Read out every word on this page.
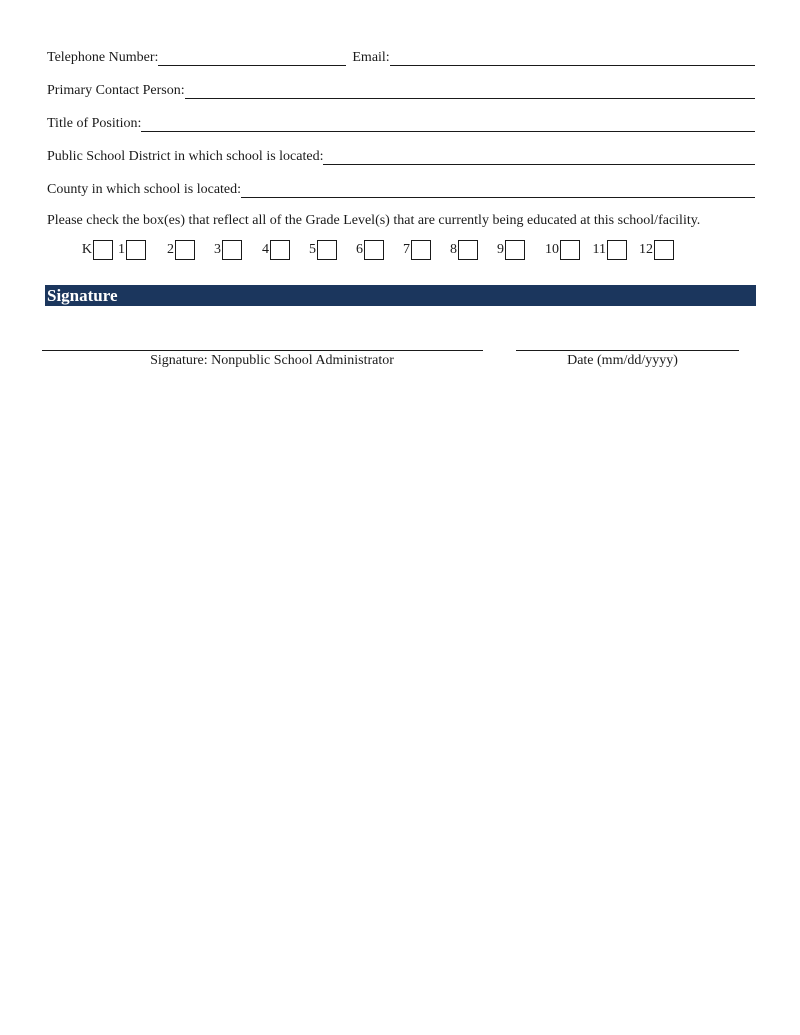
Telephone Number:	Email:
Primary Contact Person:
Title of Position:
Public School District in which school is located:
County in which school is located:
Please check the box(es) that reflect all of the Grade Level(s) that are currently being educated at this school/facility.
K	1	2	3	4	5	6	7	8	9	10	11	12
Signature
Signature: Nonpublic School Administrator	Date (mm/dd/yyyy)
